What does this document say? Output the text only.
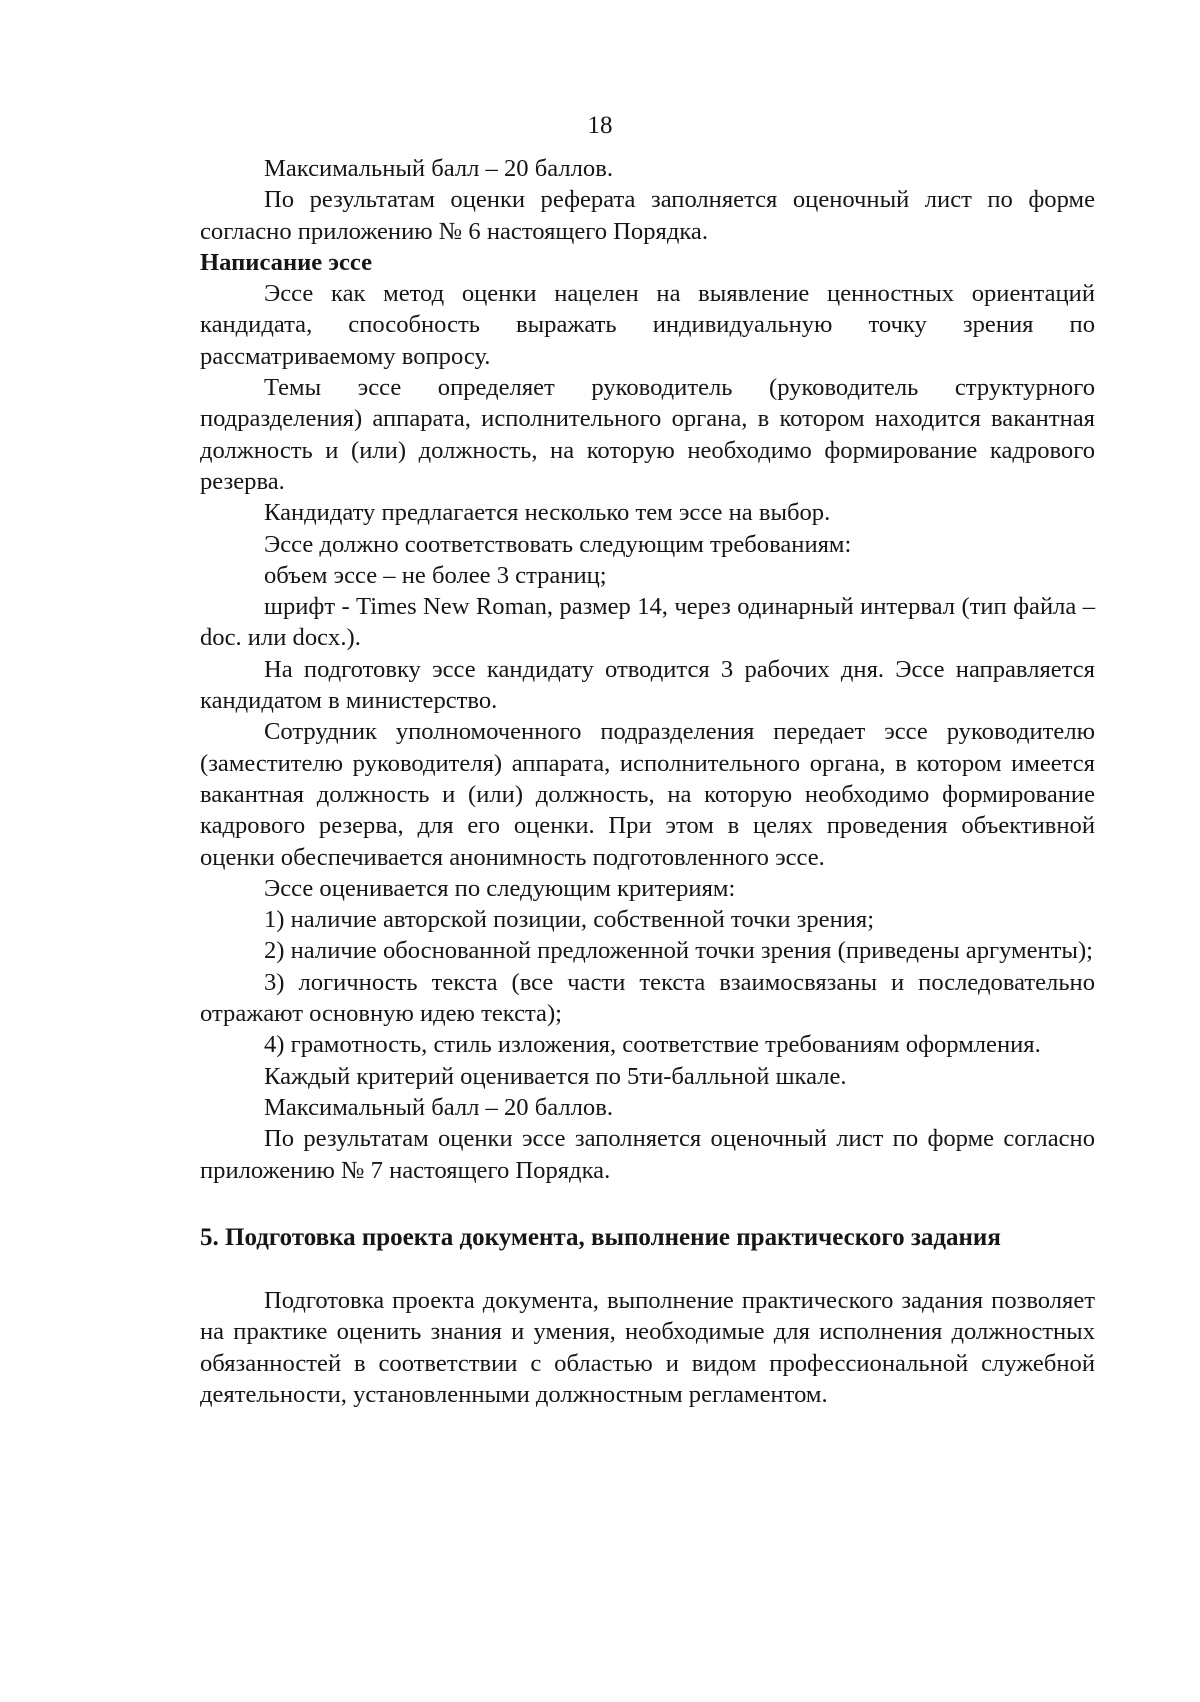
18

Максимальный балл – 20 баллов.

По результатам оценки реферата заполняется оценочный лист по форме согласно приложению № 6 настоящего Порядка.

Написание эссе

Эссе как метод оценки нацелен на выявление ценностных ориентаций кандидата, способность выражать индивидуальную точку зрения по рассматриваемому вопросу.

Темы эссе определяет руководитель (руководитель структурного подразделения) аппарата, исполнительного органа, в котором находится вакантная должность и (или) должность, на которую необходимо формирование кадрового резерва.

Кандидату предлагается несколько тем эссе на выбор.

Эссе должно соответствовать следующим требованиям:

объем эссе – не более 3 страниц;

шрифт - Times New Roman, размер 14, через одинарный интервал (тип файла – doc. или docx.).

На подготовку эссе кандидату отводится 3 рабочих дня. Эссе направляется кандидатом в министерство.

Сотрудник уполномоченного подразделения передает эссе руководителю (заместителю руководителя) аппарата, исполнительного органа, в котором имеется вакантная должность и (или) должность, на которую необходимо формирование кадрового резерва, для его оценки. При этом в целях проведения объективной оценки обеспечивается анонимность подготовленного эссе.

Эссе оценивается по следующим критериям:

1) наличие авторской позиции, собственной точки зрения;

2) наличие обоснованной предложенной точки зрения (приведены аргументы);

3) логичность текста (все части текста взаимосвязаны и последовательно отражают основную идею текста);

4) грамотность, стиль изложения, соответствие требованиям оформления.

Каждый критерий оценивается по 5ти-балльной шкале.

Максимальный балл – 20 баллов.

По результатам оценки эссе заполняется оценочный лист по форме согласно приложению № 7 настоящего Порядка.

5. Подготовка проекта документа, выполнение практического задания

Подготовка проекта документа, выполнение практического задания позволяет на практике оценить знания и умения, необходимые для исполнения должностных обязанностей в соответствии с областью и видом профессиональной служебной деятельности, установленными должностным регламентом.
